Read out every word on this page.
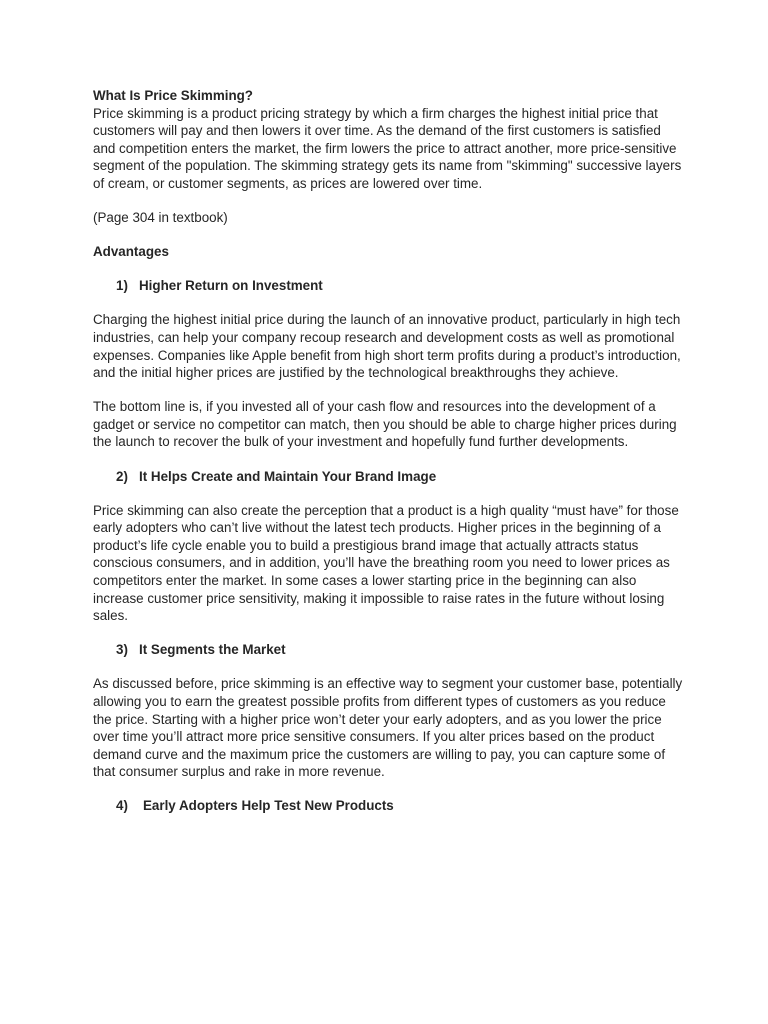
What Is Price Skimming?

Price skimming is a product pricing strategy by which a firm charges the highest initial price that customers will pay and then lowers it over time. As the demand of the first customers is satisfied and competition enters the market, the firm lowers the price to attract another, more price-sensitive segment of the population. The skimming strategy gets its name from "skimming" successive layers of cream, or customer segments, as prices are lowered over time.

(Page 304 in textbook)

Advantages

1) Higher Return on Investment

Charging the highest initial price during the launch of an innovative product, particularly in high tech industries, can help your company recoup research and development costs as well as promotional expenses. Companies like Apple benefit from high short term profits during a product’s introduction, and the initial higher prices are justified by the technological breakthroughs they achieve.

The bottom line is, if you invested all of your cash flow and resources into the development of a gadget or service no competitor can match, then you should be able to charge higher prices during the launch to recover the bulk of your investment and hopefully fund further developments.

2) It Helps Create and Maintain Your Brand Image

Price skimming can also create the perception that a product is a high quality “must have” for those early adopters who can’t live without the latest tech products. Higher prices in the beginning of a product’s life cycle enable you to build a prestigious brand image that actually attracts status conscious consumers, and in addition, you’ll have the breathing room you need to lower prices as competitors enter the market. In some cases a lower starting price in the beginning can also increase customer price sensitivity, making it impossible to raise rates in the future without losing sales.

3) It Segments the Market

As discussed before, price skimming is an effective way to segment your customer base, potentially allowing you to earn the greatest possible profits from different types of customers as you reduce the price. Starting with a higher price won’t deter your early adopters, and as you lower the price over time you’ll attract more price sensitive consumers. If you alter prices based on the product demand curve and the maximum price the customers are willing to pay, you can capture some of that consumer surplus and rake in more revenue.

4) Early Adopters Help Test New Products
